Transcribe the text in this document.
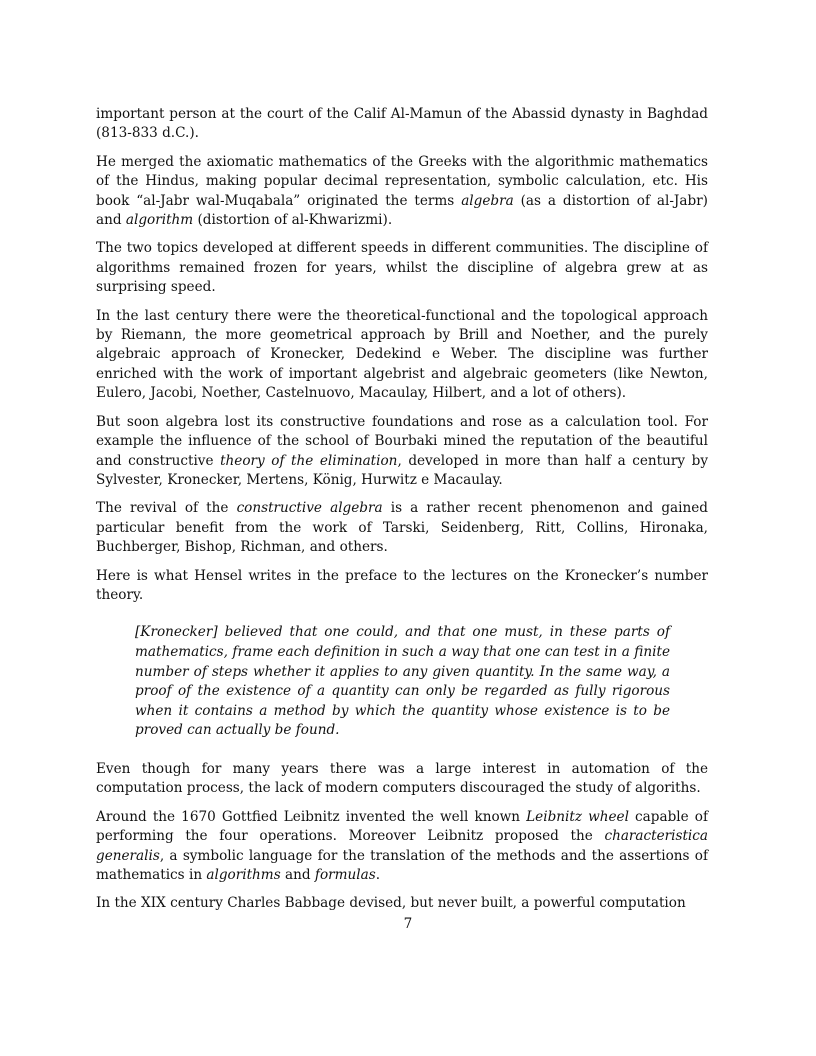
important person at the court of the Calif Al-Mamun of the Abassid dynasty in Baghdad (813-833 d.C.).

He merged the axiomatic mathematics of the Greeks with the algorithmic mathematics of the Hindus, making popular decimal representation, symbolic calculation, etc. His book “al-Jabr wal-Muqabala” originated the terms algebra (as a distortion of al-Jabr) and algorithm (distortion of al-Khwarizmi).

The two topics developed at different speeds in different communities. The discipline of algorithms remained frozen for years, whilst the discipline of algebra grew at as surprising speed.

In the last century there were the theoretical-functional and the topological approach by Riemann, the more geometrical approach by Brill and Noether, and the purely algebraic approach of Kronecker, Dedekind e Weber. The discipline was further enriched with the work of important algebrist and algebraic geometers (like Newton, Eulero, Jacobi, Noether, Castelnuovo, Macaulay, Hilbert, and a lot of others).

But soon algebra lost its constructive foundations and rose as a calculation tool. For example the influence of the school of Bourbaki mined the reputation of the beautiful and constructive theory of the elimination, developed in more than half a century by Sylvester, Kronecker, Mertens, König, Hurwitz e Macaulay.

The revival of the constructive algebra is a rather recent phenomenon and gained particular benefit from the work of Tarski, Seidenberg, Ritt, Collins, Hironaka, Buchberger, Bishop, Richman, and others.

Here is what Hensel writes in the preface to the lectures on the Kronecker’s number theory.

[Kronecker] believed that one could, and that one must, in these parts of mathematics, frame each definition in such a way that one can test in a finite number of steps whether it applies to any given quantity. In the same way, a proof of the existence of a quantity can only be regarded as fully rigorous when it contains a method by which the quantity whose existence is to be proved can actually be found.

Even though for many years there was a large interest in automation of the computation process, the lack of modern computers discouraged the study of algoriths.

Around the 1670 Gottfied Leibnitz invented the well known Leibnitz wheel capable of performing the four operations. Moreover Leibnitz proposed the characteristica generalis, a symbolic language for the translation of the methods and the assertions of mathematics in algorithms and formulas.

In the XIX century Charles Babbage devised, but never built, a powerful computation

7
